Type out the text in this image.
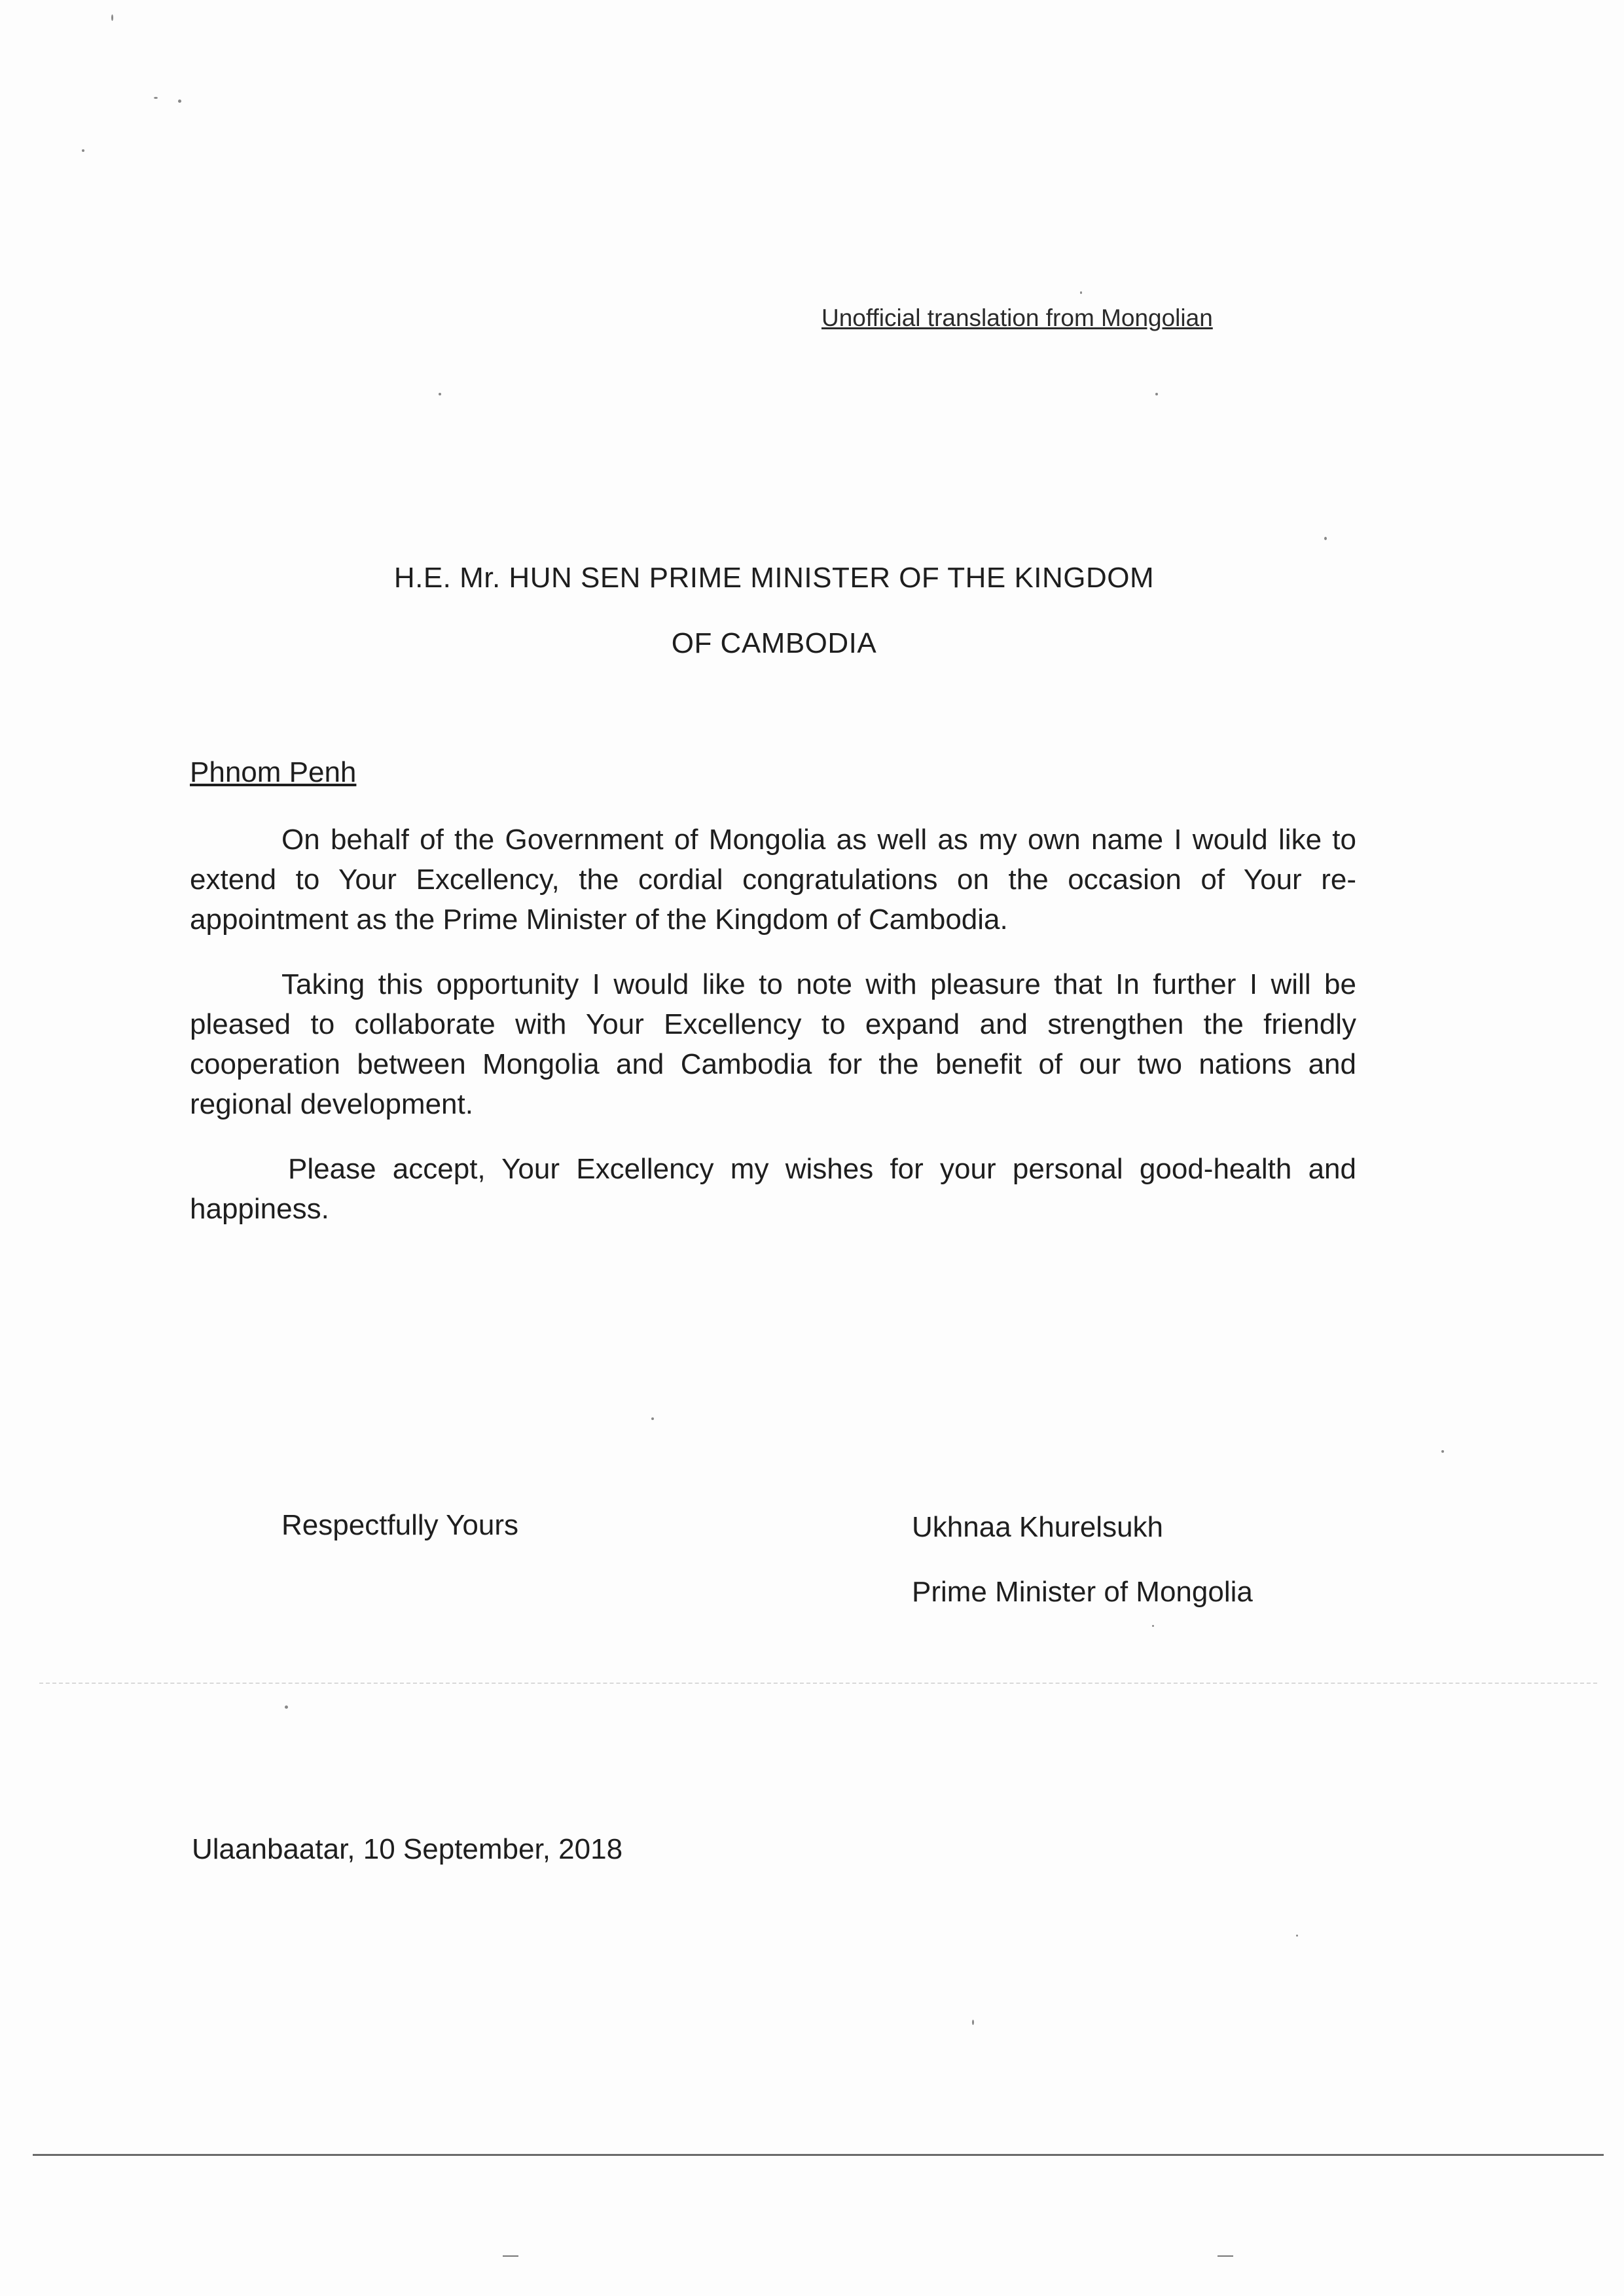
Unofficial translation from Mongolian
H.E. Mr. HUN SEN PRIME MINISTER OF THE KINGDOM
OF CAMBODIA
Phnom Penh
On behalf of the Government of Mongolia as well as my own name I would like to extend to Your Excellency, the cordial congratulations on the occasion of Your re-appointment as the Prime Minister of the Kingdom of Cambodia.
Taking this opportunity I would like to note with pleasure that In further I will be pleased to collaborate with Your Excellency to expand and strengthen the friendly cooperation between Mongolia and Cambodia for the benefit of our two nations and regional development.
Please accept, Your Excellency my wishes for your personal good-health and happiness.
Respectfully Yours	Ukhnaa Khurelsukh
Prime Minister of Mongolia
Ulaanbaatar, 10 September, 2018
